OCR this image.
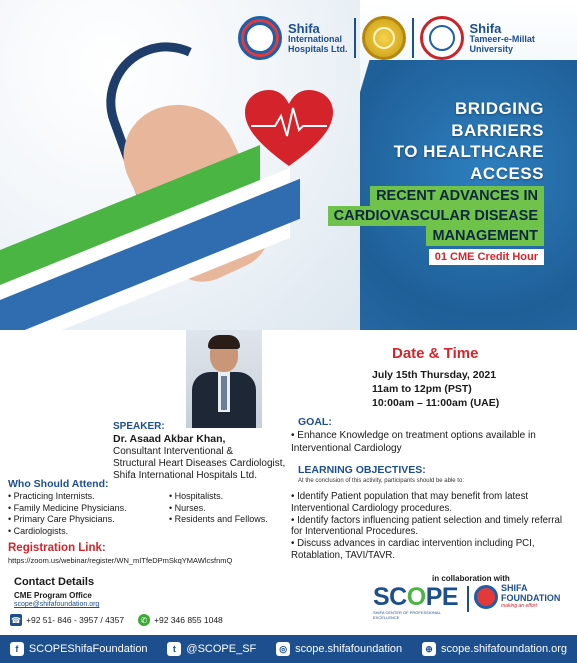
Shifa
International
Hospitals Ltd.
Shifa
Tameer-e-Millat
University
BRIDGING
BARRIERS
TO HEALTHCARE
ACCESS
RECENT ADVANCES IN
CARDIOVASCULAR DISEASE
MANAGEMENT
01 CME Credit Hour
Date & Time
July 15th Thursday, 2021
11am to 12pm (PST)
10:00am – 11:00am (UAE)
SPEAKER:
Dr. Asaad Akbar Khan,
Consultant Interventional &
Structural Heart Diseases Cardiologist,
Shifa International Hospitals Ltd.
GOAL:
• Enhance Knowledge on treatment options available in Interventional Cardiology
LEARNING OBJECTIVES:
At the conclusion of this activity, participants should be able to:
• Identify Patient population that may benefit from latest Interventional Cardiology procedures.
• Identify factors influencing patient selection and timely referral for Interventional Procedures.
• Discuss advances in cardiac intervention including PCI, Rotablation, TAVI/TAVR.
Who Should Attend:
• Practicing Internists.
• Family Medicine Physicians.
• Primary Care Physicians.
• Cardiologists.
• Hospitalists.
• Nurses.
• Residents and Fellows.
Registration Link:
https://zoom.us/webinar/register/WN_mITfeDPmSkqYMAWlcsfnmQ
Contact Details
CME Program Office
scope@shifafoundation.org
☎ +92 51- 846 - 3957 / 4357	✆ +92 346 855 1048
in collaboration with
SCOPE
SHIFA CENTER OF PROFESSIONAL EXCELLENCE
SHIFA
FOUNDATION
making an effort
f SCOPEShifaFoundation	t @SCOPE_SF	◎ scope.shifafoundation	⊕ scope.shifafoundation.org
